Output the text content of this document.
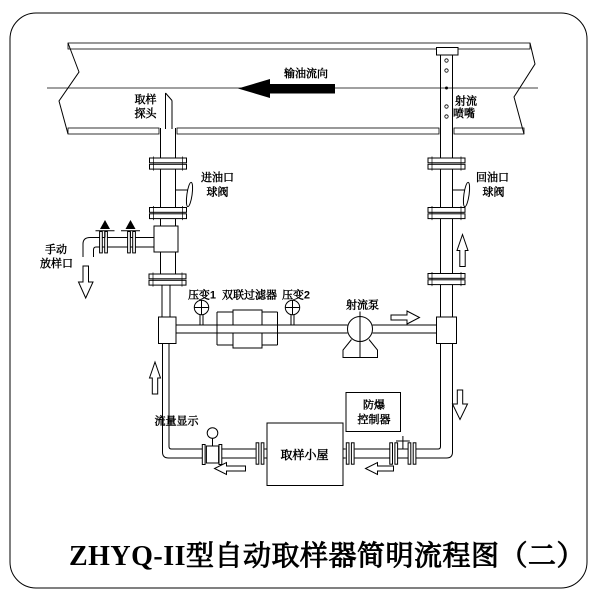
输油流向
取样
探头
进油口
球阀
手动
放样口
压变1 双联过滤器 压变2
射流泵
射流
喷嘴
回油口
球阀
流量显示
取样小屋
防爆
控制器
ZHYQ-II型自动取样器简明流程图（二）
